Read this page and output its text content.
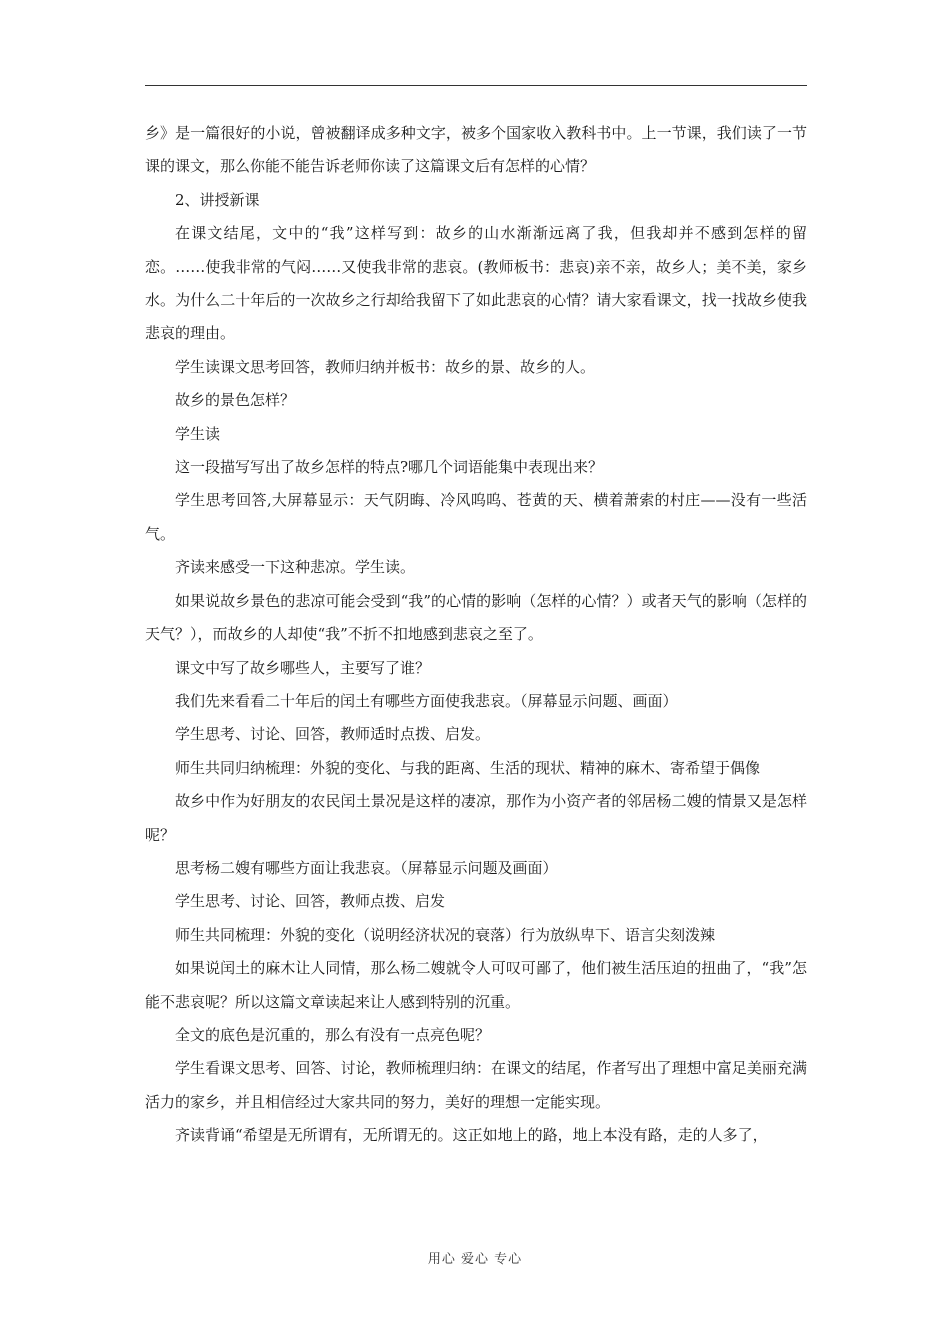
乡》是一篇很好的小说，曾被翻译成多种文字，被多个国家收入教科书中。上一节课，我们读了一节课的课文，那么你能不能告诉老师你读了这篇课文后有怎样的心情？

2、讲授新课

在课文结尾，文中的“我”这样写到：故乡的山水渐渐远离了我，但我却并不感到怎样的留恋。……使我非常的气闷……又使我非常的悲哀。(教师板书：悲哀)亲不亲，故乡人；美不美，家乡水。为什么二十年后的一次故乡之行却给我留下了如此悲哀的心情？请大家看课文，找一找故乡使我悲哀的理由。

学生读课文思考回答，教师归纳并板书：故乡的景、故乡的人。

故乡的景色怎样？

学生读

这一段描写写出了故乡怎样的特点?哪几个词语能集中表现出来？

学生思考回答,大屏幕显示：天气阴晦、冷风呜呜、苍黄的天、横着萧索的村庄——没有一些活气。

齐读来感受一下这种悲凉。学生读。

如果说故乡景色的悲凉可能会受到“我”的心情的影响（怎样的心情？）或者天气的影响（怎样的天气？），而故乡的人却使“我”不折不扣地感到悲哀之至了。

课文中写了故乡哪些人，主要写了谁？

我们先来看看二十年后的闰土有哪些方面使我悲哀。（屏幕显示问题、画面）

学生思考、讨论、回答，教师适时点拨、启发。

师生共同归纳梳理：外貌的变化、与我的距离、生活的现状、精神的麻木、寄希望于偶像

故乡中作为好朋友的农民闰土景况是这样的凄凉，那作为小资产者的邻居杨二嫂的情景又是怎样呢？

思考杨二嫂有哪些方面让我悲哀。（屏幕显示问题及画面）

学生思考、讨论、回答，教师点拨、启发

师生共同梳理：外貌的变化（说明经济状况的衰落）行为放纵卑下、语言尖刻泼辣

如果说闰土的麻木让人同情，那么杨二嫂就令人可叹可鄙了，他们被生活压迫的扭曲了，“我”怎能不悲哀呢？所以这篇文章读起来让人感到特别的沉重。

全文的底色是沉重的，那么有没有一点亮色呢？

学生看课文思考、回答、讨论，教师梳理归纳：在课文的结尾，作者写出了理想中富足美丽充满活力的家乡，并且相信经过大家共同的努力，美好的理想一定能实现。

齐读背诵“希望是无所谓有，无所谓无的。这正如地上的路，地上本没有路，走的人多了，

用心 爱心 专心
